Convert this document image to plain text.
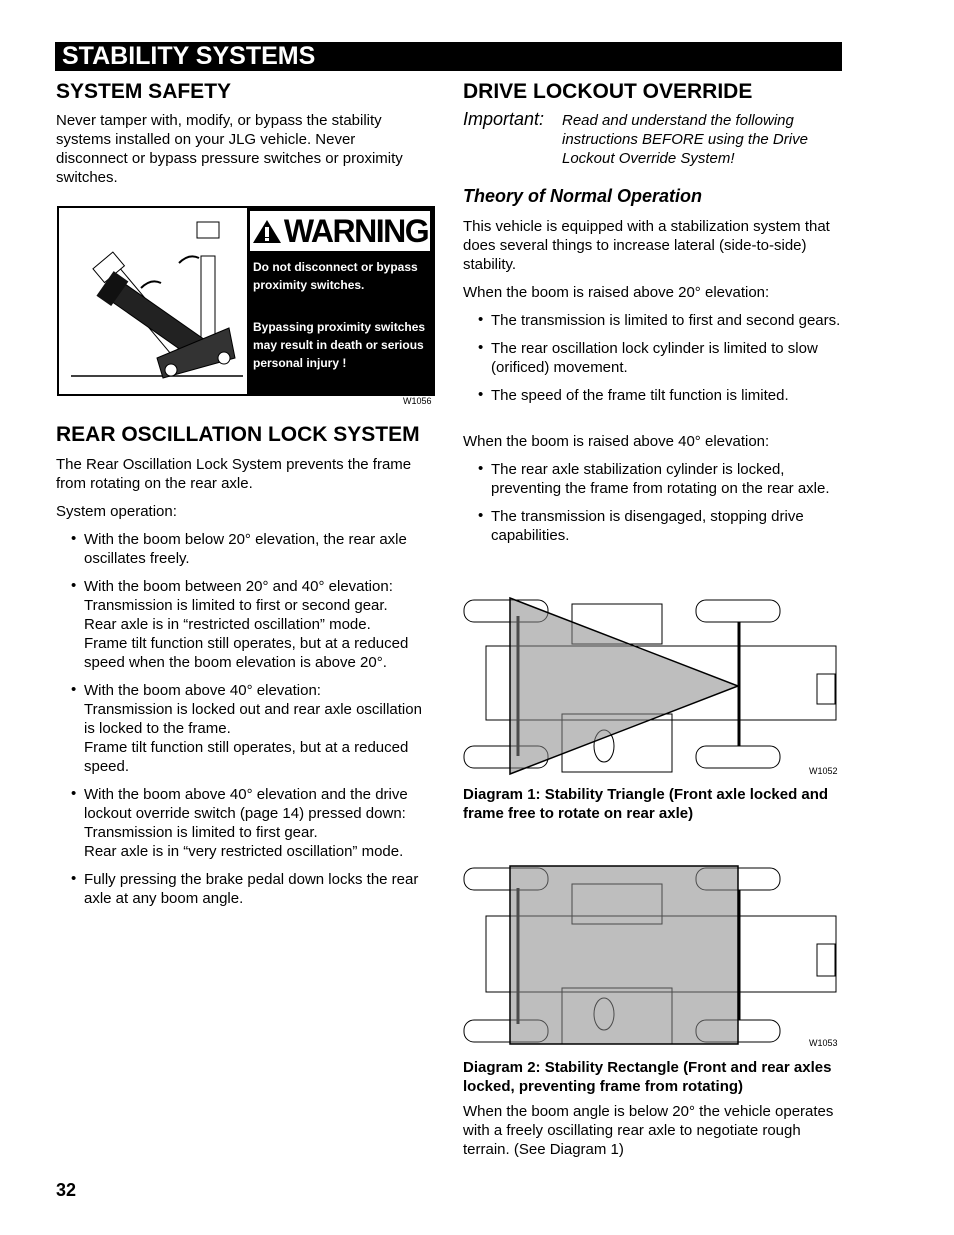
STABILITY SYSTEMS
SYSTEM SAFETY

Never tamper with, modify, or bypass the stability systems installed on your JLG vehicle. Never disconnect or bypass pressure switches or proximity switches.

WARNING
Do not disconnect or bypass proximity switches.
Bypassing proximity switches may result in death or serious personal injury !
W1056
REAR OSCILLATION LOCK SYSTEM

The Rear Oscillation Lock System prevents the frame from rotating on the rear axle.

System operation:

• With the boom below 20° elevation, the rear axle oscillates freely.
• With the boom between 20° and 40° elevation:
Transmission is limited to first or second gear.
Rear axle is in “restricted oscillation” mode.
Frame tilt function still operates, but at a reduced speed when the boom elevation is above 20°.
• With the boom above 40° elevation:
Transmission is locked out and rear axle oscillation is locked to the frame.
Frame tilt function still operates, but at a reduced speed.
• With the boom above 40° elevation and the drive lockout override switch (page 14) pressed down:
Transmission is limited to first gear.
Rear axle is in “very restricted oscillation” mode.
• Fully pressing the brake pedal down locks the rear axle at any boom angle.
DRIVE LOCKOUT OVERRIDE
Important: Read and understand the following instructions BEFORE using the Drive Lockout Override System!
Theory of Normal Operation

This vehicle is equipped with a stabilization system that does several things to increase lateral (side-to-side) stability.

When the boom is raised above 20° elevation:

• The transmission is limited to first and second gears.
• The rear oscillation lock cylinder is limited to slow (orificed) movement.
• The speed of the frame tilt function is limited.

When the boom is raised above 40° elevation:

• The rear axle stabilization cylinder is locked, preventing the frame from rotating on the rear axle.
• The transmission is disengaged, stopping drive capabilities.
W1052
Diagram 1: Stability Triangle (Front axle locked and frame free to rotate on rear axle)
W1053
Diagram 2: Stability Rectangle (Front and rear axles locked, preventing frame from rotating)

When the boom angle is below 20° the vehicle operates with a freely oscillating rear axle to negotiate rough terrain. (See Diagram 1)

32
